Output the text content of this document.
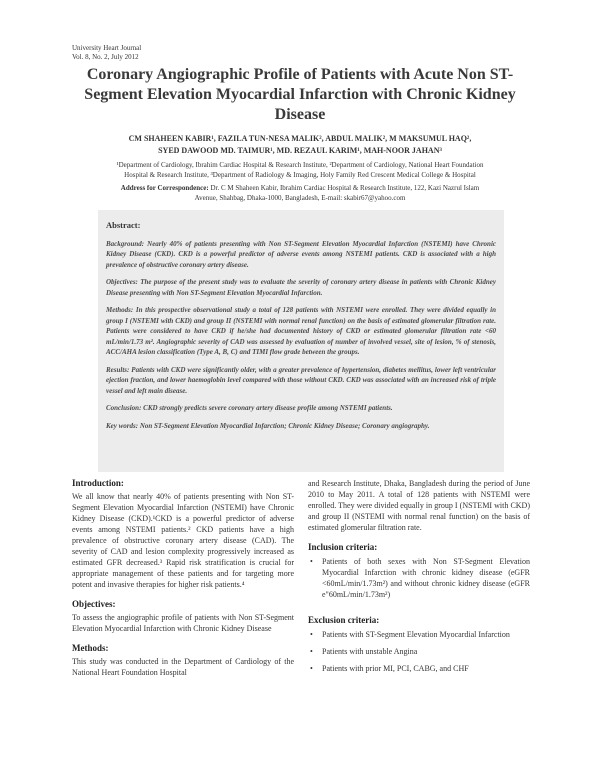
University Heart Journal
Vol. 8, No. 2, July 2012
Coronary Angiographic Profile of Patients with Acute Non ST-Segment Elevation Myocardial Infarction with Chronic Kidney Disease
CM SHAHEEN KABIR¹, FAZILA TUN-NESA MALIK², ABDUL MALIK², M MAKSUMUL HAQ²,
SYED DAWOOD MD. TAIMUR¹, MD. REZAUL KARIM¹, MAH-NOOR JAHAN³
¹Department of Cardiology, Ibrahim Cardiac Hospital & Research Institute, ²Department of Cardiology, National Heart Foundation
Hospital & Research Institute, ³Department of Radiology & Imaging, Holy Family Red Crescent Medical College & Hospital
Address for Correspondence: Dr. C M Shaheen Kabir, Ibrahim Cardiac Hospital & Research Institute, 122, Kazi Nazrul Islam
Avenue, Shahbag, Dhaka-1000, Bangladesh, E-mail: skabir67@yahoo.com
Abstract:

Background: Nearly 40% of patients presenting with Non ST-Segment Elevation Myocardial Infarction (NSTEMI) have Chronic Kidney Disease (CKD). CKD is a powerful predictor of adverse events among NSTEMI patients. CKD is associated with a high prevalence of obstructive coronary artery disease.

Objectives: The purpose of the present study was to evaluate the severity of coronary artery disease in patients with Chronic Kidney Disease presenting with Non ST-Segment Elevation Myocardial Infarction.

Methods: In this prospective observational study a total of 128 patients with NSTEMI were enrolled. They were divided equally in group I (NSTEMI with CKD) and group II (NSTEMI with normal renal function) on the basis of estimated glomerular filtration rate. Patients were considered to have CKD if he/she had documented history of CKD or estimated glomerular filtration rate <60 mL/min/1.73 m². Angiographic severity of CAD was assessed by evaluation of number of involved vessel, site of lesion, % of stenosis, ACC/AHA lesion classification (Type A, B, C) and TIMI flow grade between the groups.

Results: Patients with CKD were significantly older, with a greater prevalence of hypertension, diabetes mellitus, lower left ventricular ejection fraction, and lower haemoglobin level compared with those without CKD. CKD was associated with an increased risk of triple vessel and left main disease.

Conclusion: CKD strongly predicts severe coronary artery disease profile among NSTEMI patients.

Key words: Non ST-Segment Elevation Myocardial Infarction; Chronic Kidney Disease; Coronary angiography.

Introduction:

We all know that nearly 40% of patients presenting with Non ST-Segment Elevation Myocardial Infarction (NSTEMI) have Chronic Kidney Disease (CKD).¹CKD is a powerful predictor of adverse events among NSTEMI patients.² CKD patients have a high prevalence of obstructive coronary artery disease (CAD). The severity of CAD and lesion complexity progressively increased as estimated GFR decreased.³ Rapid risk stratification is crucial for appropriate management of these patients and for targeting more potent and invasive therapies for higher risk patients.⁴

Objectives:

To assess the angiographic profile of patients with Non ST-Segment Elevation Myocardial Infarction with Chronic Kidney Disease

Methods:

This study was conducted in the Department of Cardiology of the National Heart Foundation Hospital

and Research Institute, Dhaka, Bangladesh during the period of June 2010 to May 2011. A total of 128 patients with NSTEMI were enrolled. They were divided equally in group I (NSTEMI with CKD) and group II (NSTEMI with normal renal function) on the basis of estimated glomerular filtration rate.

Inclusion criteria:
• Patients of both sexes with Non ST-Segment Elevation Myocardial Infarction with chronic kidney disease (eGFR <60mL/min/1.73m²) and without chronic kidney disease (eGFR e"60mL/min/1.73m²)
Exclusion criteria:
• Patients with ST-Segment Elevation Myocardial Infarction
• Patients with unstable Angina
• Patients with prior MI, PCI, CABG, and CHF
